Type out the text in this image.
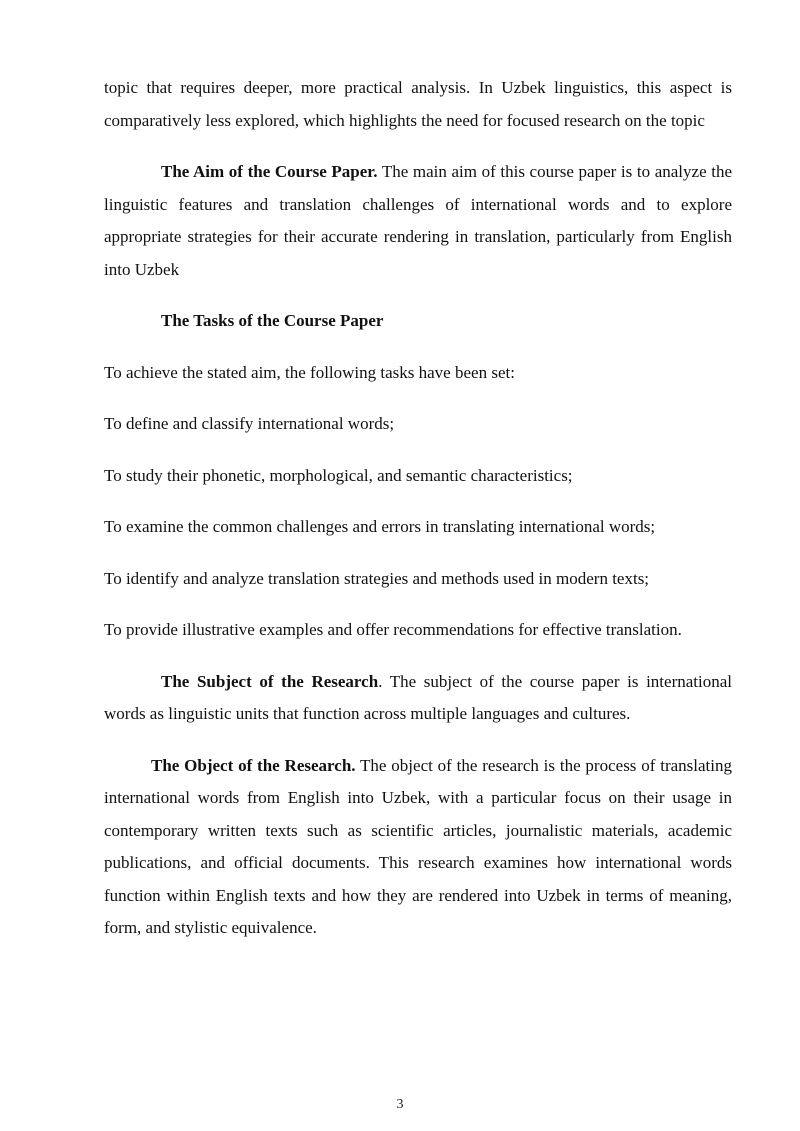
topic that requires deeper, more practical analysis. In Uzbek linguistics, this aspect is comparatively less explored, which highlights the need for focused research on the topic

The Aim of the Course Paper. The main aim of this course paper is to analyze the linguistic features and translation challenges of international words and to explore appropriate strategies for their accurate rendering in translation, particularly from English into Uzbek

The Tasks of the Course Paper

To achieve the stated aim, the following tasks have been set:

To define and classify international words;

To study their phonetic, morphological, and semantic characteristics;

To examine the common challenges and errors in translating international words;

To identify and analyze translation strategies and methods used in modern texts;

To provide illustrative examples and offer recommendations for effective translation.

The Subject of the Research. The subject of the course paper is international words as linguistic units that function across multiple languages and cultures.

The Object of the Research. The object of the research is the process of translating international words from English into Uzbek, with a particular focus on their usage in contemporary written texts such as scientific articles, journalistic materials, academic publications, and official documents. This research examines how international words function within English texts and how they are rendered into Uzbek in terms of meaning, form, and stylistic equivalence.

3
